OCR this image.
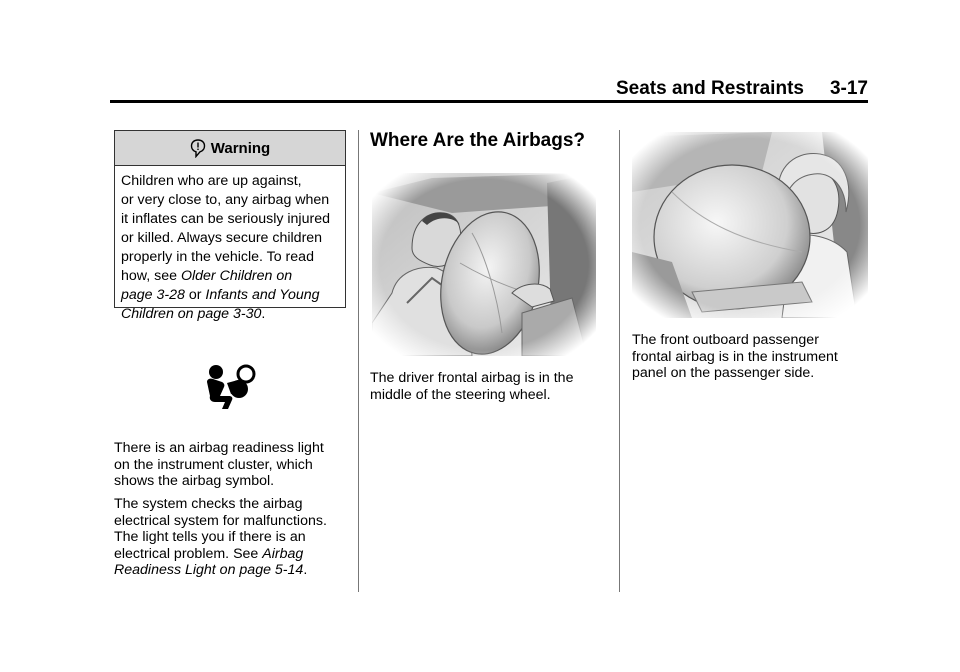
Seats and Restraints 3-17
Warning
Children who are up against,
or very close to, any airbag when
it inflates can be seriously injured
or killed. Always secure children
properly in the vehicle. To read
how, see Older Children on
page 3-28 or Infants and Young
Children on page 3-30.
There is an airbag readiness light
on the instrument cluster, which
shows the airbag symbol.
The system checks the airbag
electrical system for malfunctions.
The light tells you if there is an
electrical problem. See Airbag
Readiness Light on page 5-14.
Where Are the Airbags?
The driver frontal airbag is in the
middle of the steering wheel.
The front outboard passenger
frontal airbag is in the instrument
panel on the passenger side.
